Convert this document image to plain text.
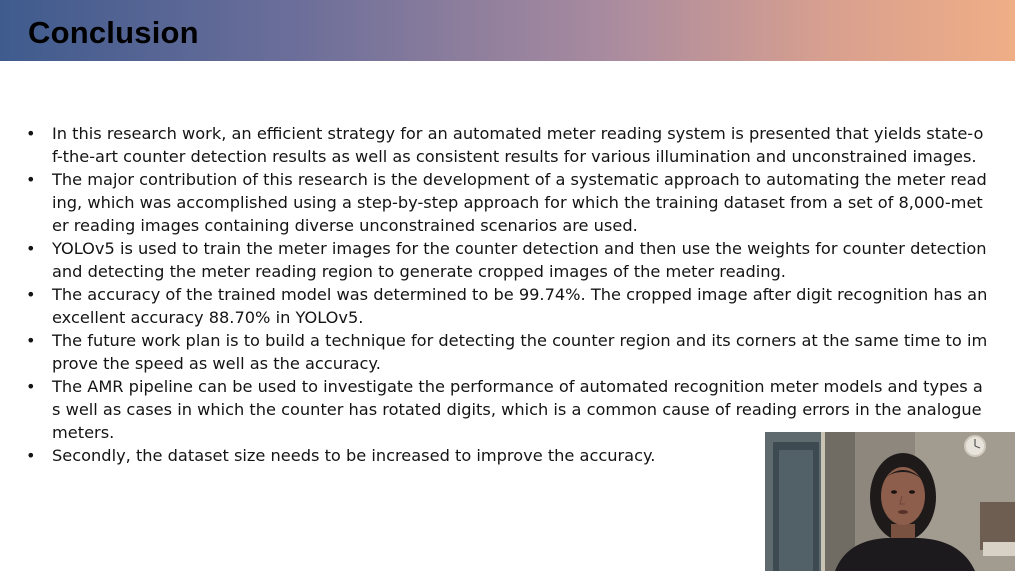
Conclusion
• In this research work, an efficient strategy for an automated meter reading system is presented that yields state-of-the-art counter detection results as well as consistent results for various illumination and unconstrained images.
• The major contribution of this research is the development of a systematic approach to automating the meter reading, which was accomplished using a step-by-step approach for which the training dataset from a set of 8,000-meter reading images containing diverse unconstrained scenarios are used.
• YOLOv5 is used to train the meter images for the counter detection and then use the weights for counter detection and detecting the meter reading region to generate cropped images of the meter reading.
• The accuracy of the trained model was determined to be 99.74%. The cropped image after digit recognition has an excellent accuracy 88.70% in YOLOv5.
• The future work plan is to build a technique for detecting the counter region and its corners at the same time to improve the speed as well as the accuracy.
• The AMR pipeline can be used to investigate the performance of automated recognition meter models and types as well as cases in which the counter has rotated digits, which is a common cause of reading errors in the analogue meters.
• Secondly, the dataset size needs to be increased to improve the accuracy.
